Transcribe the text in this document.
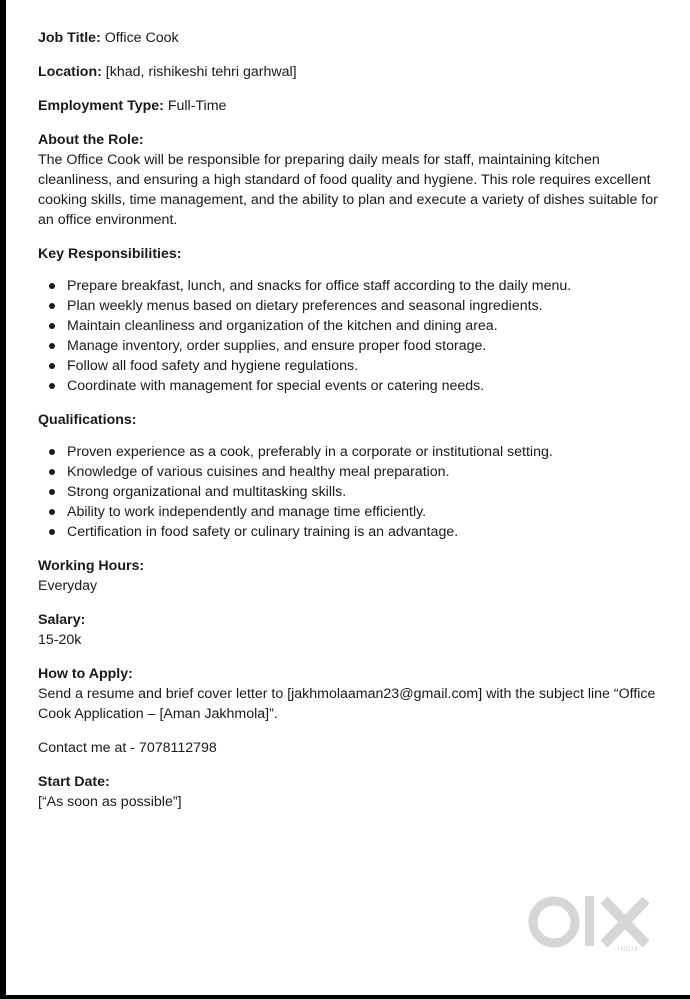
Job Title: Office Cook

Location: [khad, rishikeshi tehri garhwal]

Employment Type: Full-Time

About the Role:

The Office Cook will be responsible for preparing daily meals for staff, maintaining kitchen
cleanliness, and ensuring a high standard of food quality and hygiene. This role requires excellent
cooking skills, time management, and the ability to plan and execute a variety of dishes suitable for
an office environment.

Key Responsibilities:

Prepare breakfast, lunch, and snacks for office staff according to the daily menu.
Plan weekly menus based on dietary preferences and seasonal ingredients.
Maintain cleanliness and organization of the kitchen and dining area.
Manage inventory, order supplies, and ensure proper food storage.
Follow all food safety and hygiene regulations.
Coordinate with management for special events or catering needs.

Qualifications:

Proven experience as a cook, preferably in a corporate or institutional setting.
Knowledge of various cuisines and healthy meal preparation.
Strong organizational and multitasking skills.
Ability to work independently and manage time efficiently.
Certification in food safety or culinary training is an advantage.

Working Hours:

Everyday

Salary:

15-20k

How to Apply:

Send a resume and brief cover letter to [jakhmolaaman23@gmail.com] with the subject line “Office
Cook Application – [Aman Jakhmola]”.

Contact me at - 7078112798

Start Date:

[“As soon as possible”]
INDIA
